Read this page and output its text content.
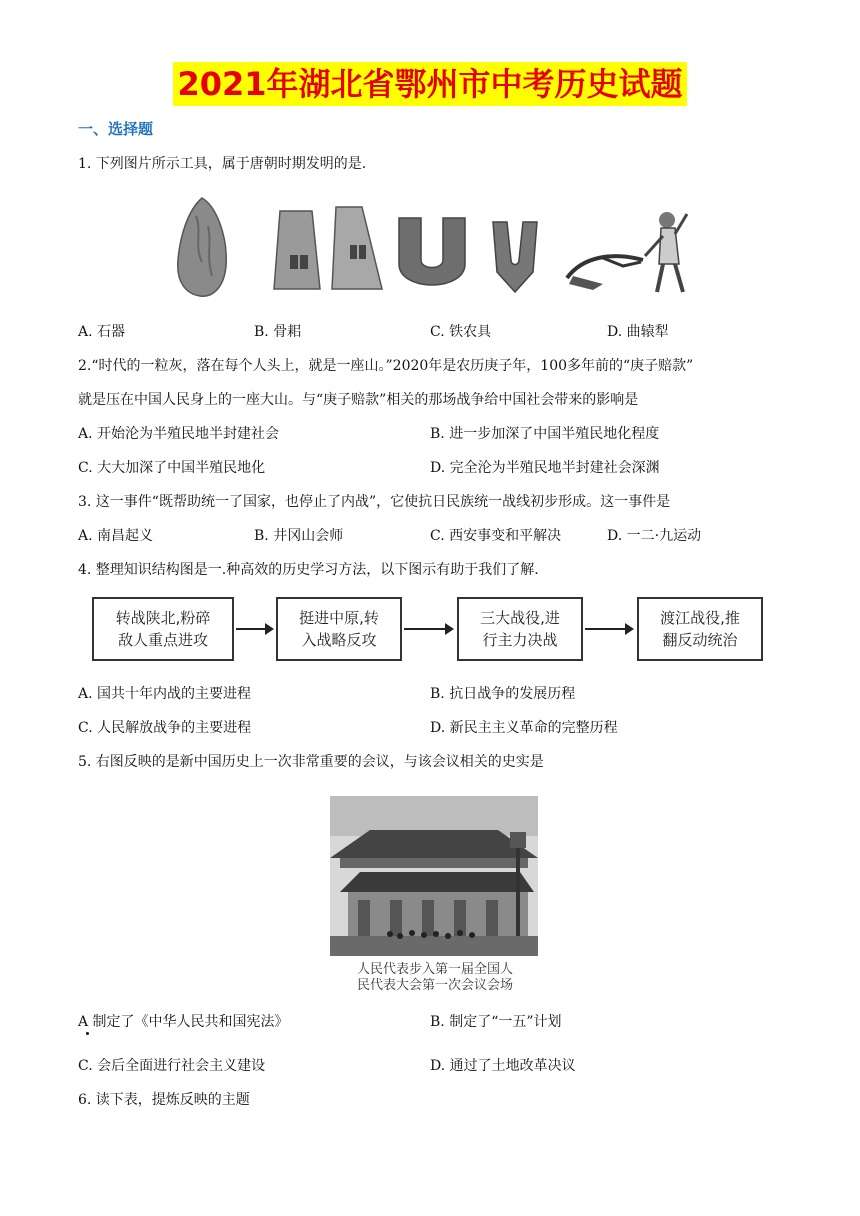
2021年湖北省鄂州市中考历史试题
一、选择题
1. 下列图片所示工具，属于唐朝时期发明的是.
A. 石器	B. 骨耜	C. 铁农具	D. 曲辕犁
2.“时代的一粒灰，落在每个人头上，就是一座山。”2020年是农历庚子年，100多年前的“庚子赔款”
就是压在中国人民身上的一座大山。与“庚子赔款”相关的那场战争给中国社会带来的影响是
A. 开始沦为半殖民地半封建社会	B. 进一步加深了中国半殖民地化程度
C. 大大加深了中国半殖民地化	D. 完全沦为半殖民地半封建社会深渊
3. 这一事件“既帮助统一了国家，也停止了内战”，它使抗日民族统一战线初步形成。这一事件是
A. 南昌起义	B. 井冈山会师	C. 西安事变和平解决	D. 一二·九运动
4. 整理知识结构图是一.种高效的历史学习方法，以下图示有助于我们了解.
转战陕北,粉碎
敌人重点进攻
挺进中原,转
入战略反攻
三大战役,进
行主力决战
渡江战役,推
翻反动统治
A. 国共十年内战的主要进程	B. 抗日战争的发展历程
C. 人民解放战争的主要进程	D. 新民主主义革命的完整历程
5. 右图反映的是新中国历史上一次非常重要的会议，与该会议相关的史实是
人民代表步入第一届全国人
民代表大会第一次会议会场
A 制定了《中华人民共和国宪法》	B. 制定了“一五”计划
C. 会后全面进行社会主义建设	D. 通过了土地改革决议
6. 读下表，提炼反映的主题
